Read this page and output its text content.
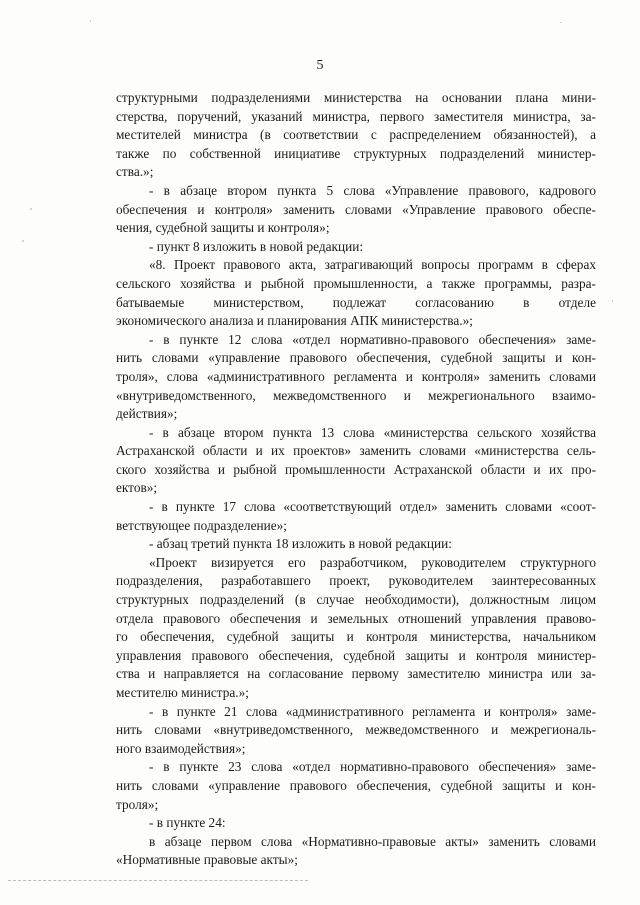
5
структурными подразделениями министерства на основании плана мини-
стерства, поручений, указаний министра, первого заместителя министра, за-
местителей министра (в соответствии с распределением обязанностей), а
также по собственной инициативе структурных подразделений министер-
ства.»;
- в абзаце втором пункта 5 слова «Управление правового, кадрового
обеспечения и контроля» заменить словами «Управление правового обеспе-
чения, судебной защиты и контроля»;
- пункт 8 изложить в новой редакции:
«8. Проект правового акта, затрагивающий вопросы программ в сферах
сельского хозяйства и рыбной промышленности, а также программы, разра-
батываемые министерством, подлежат согласованию в отделе
экономического анализа и планирования АПК министерства.»;
- в пункте 12 слова «отдел нормативно-правового обеспечения» заме-
нить словами «управление правового обеспечения, судебной защиты и кон-
троля», слова «административного регламента и контроля» заменить словами
«внутриведомственного, межведомственного и межрегионального взаимо-
действия»;
- в абзаце втором пункта 13 слова «министерства сельского хозяйства
Астраханской области и их проектов» заменить словами «министерства сель-
ского хозяйства и рыбной промышленности Астраханской области и их про-
ектов»;
- в пункте 17 слова «соответствующий отдел» заменить словами «соот-
ветствующее подразделение»;
- абзац третий пункта 18 изложить в новой редакции:
«Проект визируется его разработчиком, руководителем структурного
подразделения, разработавшего проект, руководителем заинтересованных
структурных подразделений (в случае необходимости), должностным лицом
отдела правового обеспечения и земельных отношений управления правово-
го обеспечения, судебной защиты и контроля министерства, начальником
управления правового обеспечения, судебной защиты и контроля министер-
ства и направляется на согласование первому заместителю министра или за-
местителю министра.»;
- в пункте 21 слова «административного регламента и контроля» заме-
нить словами «внутриведомственного, межведомственного и межрегиональ-
ного взаимодействия»;
- в пункте 23 слова «отдел нормативно-правового обеспечения» заме-
нить словами «управление правового обеспечения, судебной защиты и кон-
троля»;
- в пункте 24:
в абзаце первом слова «Нормативно-правовые акты» заменить словами
«Нормативные правовые акты»;
